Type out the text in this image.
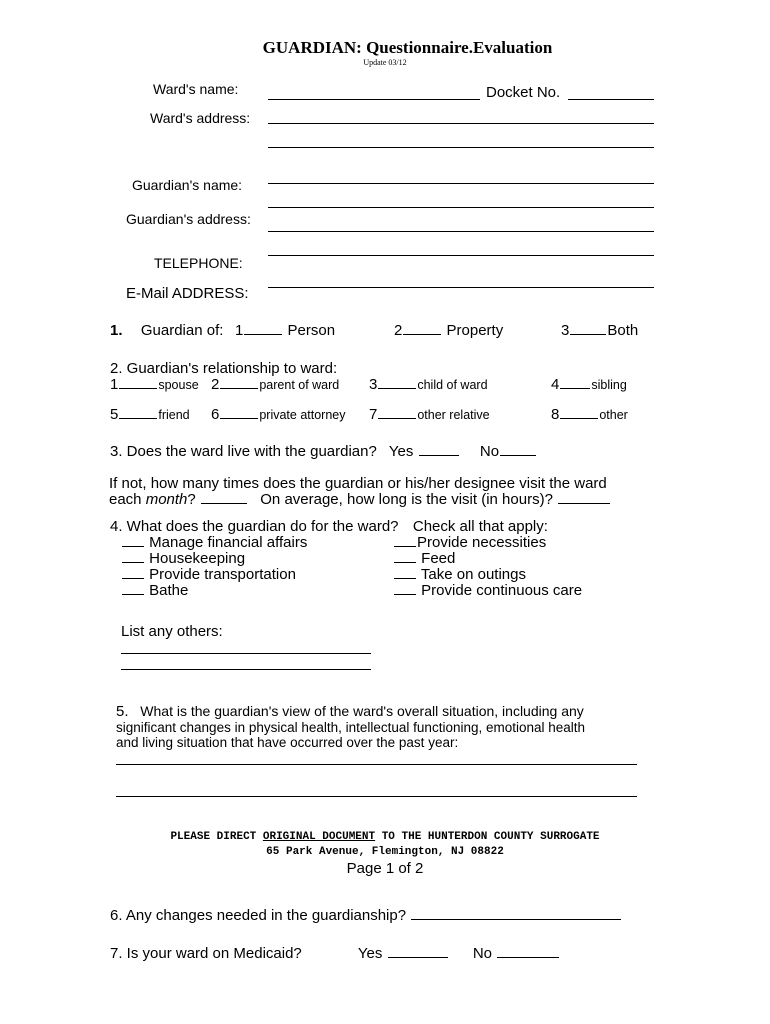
GUARDIAN: Questionnaire.Evaluation
Update 03/12
Ward's name:	Docket No.
Ward's address:
Guardian's name:
Guardian's address:
TELEPHONE:
E-Mail ADDRESS:
1. Guardian of: 1	Person	2	Property	3	Both
2. Guardian's relationship to ward:
1	spouse 2	parent of ward 3	child of ward	4	sibling
5	friend 6	private attorney 7	other relative	8	other
3. Does the ward live with the guardian? Yes	No
If not, how many times does the guardian or his/her designee visit the ward
each month?	On average, how long is the visit (in hours)?
4. What does the guardian do for the ward? Check all that apply:
Manage financial affairs
Housekeeping
Provide transportation
Bathe
Provide necessities
Feed
Take on outings
Provide continuous care
List any others:
5. What is the guardian's view of the ward's overall situation, including any
significant changes in physical health, intellectual functioning, emotional health
and living situation that have occurred over the past year:
PLEASE DIRECT ORIGINAL DOCUMENT TO THE HUNTERDON COUNTY SURROGATE
65 Park Avenue, Flemington, NJ 08822
Page 1 of 2
6. Any changes needed in the guardianship?
7. Is your ward on Medicaid?	Yes	No
